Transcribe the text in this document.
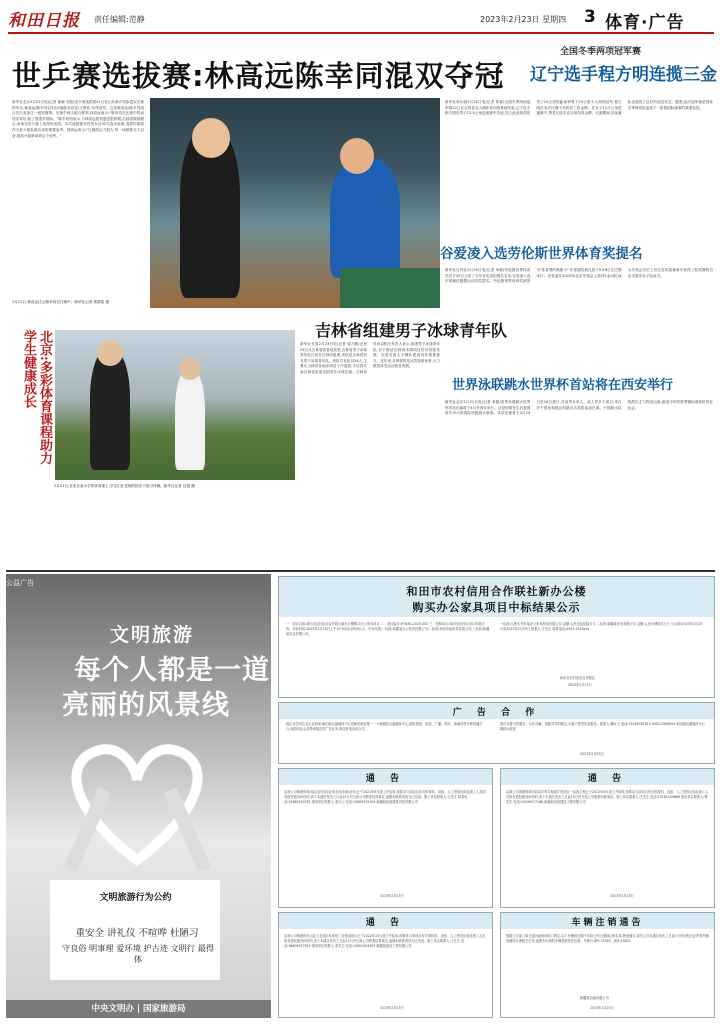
和田日报 责任编辑:范静	2023年2月23日 星期四 3 体育·广告
世乒赛选拔赛:林高远陈幸同混双夺冠
新华社北京2月21日电(记者 郁晓 刘智)世乒赛选拔赛21日在山东新乡结束混双决赛的争夺,林高远/陈幸同以3比0战胜刘诗雯/王楚钦,夺得冠军。这是林高远/陈幸同组合首次参加这一级别赛事。比赛中两人配合默契,林高远表示:"陈幸同在比赛中的表现非常好,给了我很多帮助。"陈幸同则表示,与林高远搭档感觉很舒服,后续将继续磨合,争取在世乒赛上取得好成绩。本次选拔赛共有男女各32名选手参赛,选拔结果将作为世乒赛参赛名单的重要参考。林高远表示:"比赛的压力很大,每一场都要全力以赴,很高兴能够拿到这个冠军。"
2月21日,林高远(左)/陈幸同在比赛中。新华社记者 郭绪雷 摄
全国冬季两项冠军赛
辽宁选手程方明连揽三金
新华社哈尔滨2月22日电(记者 郭睿)全国冬季两项冠军赛22日在吉林省北大湖体育训练基地结束,辽宁选手程方明在男子12.5公里追逐赛中夺冠,加上此前获得的男子10公里短距离和男子20公里个人两项冠军,程方明在本次比赛中共收获三枚金牌。在女子12.5公里追逐赛中,黑龙江选手孟凡琪夺得金牌。比赛期间,各参赛队伍展现了良好的竞技状态。据悉,此次冠军赛是国家冬季两项队备战下一阶段国际赛事的重要检验。
谷爱凌入选劳伦斯世界体育奖提名
新华社日内瓦2月20日电(记者 单磊)劳伦斯世界体育奖官方20日公布了今年各奖项的提名名单,谷爱凌入选年度最佳极限运动员奖提名。劳伦斯世界体育奖被誉为"体育界的奥斯卡",年度颁奖典礼将于5月8日在巴黎举行。谷爱凌在2022年北京冬奥会上获得2金1银,成为冬奥会历史上首位在单届赛事中获得三枚奖牌的自由式滑雪女子运动员。
世界泳联跳水世界杯首站将在西安举行
新华社北京2月21日电(记者 单磊)世界泳联跳水世界杯首站比赛将于4月在西安举行。这是疫情发生后我国首次举办的国际顶级跳水赛事。本站比赛将于4月14日至16日进行,共设男女单人、双人等多个项目,来自多个国家和地区的跳水名将将参加比赛。中国跳水队将派出主力阵容出战,备战今年的世界锦标赛和杭州亚运会。
吉林省组建男子冰球青年队
新华社长春2月23日电(记者 周万鹏)记者23日从吉林省体育局获悉,吉林省男子冰球青年队日前在吉林市组建,该队是吉林省首支男子冰球青年队。该队共有队员24人,主要从吉林省各地冰球苗子中选拔,今后将代表吉林省参加全国青年冰球比赛。吉林省体育局相关负责人表示,组建男子冰球青年队,对于推动吉林省冰球项目的可持续发展、完善后备人才梯队建设具有重要意义。近年来,吉林省依托冰雪资源优势,大力推进冰雪运动普及发展。
北京:多彩体育课程助力学生健康成长
2月21日,在北京某小学的体育课上,学生们在老师的指导下练习体操。新华社记者 任超 摄
公益广告
文明旅游
每个人都是一道
亮丽的风景线
文明旅游行为公约
重安全 讲礼仪 不喧哗 杜陋习
守良俗 明事理 爱环境 护古迹 文明行 最得体
中央文明办 | 国家旅游局
和田市农村信用合作联社新办公楼
购买办公家具项目中标结果公示
一、项目名称:和田市农村信用合作联社新办公楼购买办公家具项目 二、项目编号:HTNXS-2023-002 三、采购单位:和田市农村信用合作联社 四、开标时间:2023年2月20日上午10:30(北京时间) 五、中标结果:一标段:新疆某办公家具有限公司;二标段:和田市某家具有限公司;三标段:新疆某实业有限公司。
一标段:乌鲁木齐市某办公家具制造有限公司 金额:人民币伍拾陆万元 二标段:新疆某家具有限公司 金额:人民币肆拾贰万元 公示期:2023年2月23日至2023年2月25日 联系人:王先生 联系电话:0903-2516xxx
和田市农村信用合作联社
2023年2月23日
广 告 合 作
地区各类单位及企业商家:和田地区融媒体中心是和田地区唯一一个地级综合融媒体中心,拥有报纸、电视、广播、网站、新媒体等多种传播平台,现面向社会各界承接各类广告业务,欢迎来电洽谈合作。
我们本着为您服务、合作共赢、资源共享的理念,为客户提供优质服务。联系人:魏女士 电话:15199787813 0903-2908004 和田地区融媒体中心媒体运营部
2023年2月23日
通 告
由我公司承建的和田县农村信用社营业用房(新业务)已于2022年6月竣工并验收,现要求与该项目有关的材料、设备、人工等供应商及施工人员如有债权债务纠纷的,请于本通告发布之日起15日内与我公司联系结算事宜,逾期未联系者视为已结清。施工单位联系人:王先生 联系电话:15982559332 建设单位联系人:李女士 电话:15609332209 新疆和田某建筑安装有限公司
2023年2月23日
通 告
由我公司承建的和田县某乡村学校改扩建项目一标段工程已于2022年8月竣工并验收,现要求与该项目有关的材料、设备、人工等供应商及施工人员如有债权债务纠纷的,请于本通告发布之日起15日内与我公司联系结算事宜。施工单位联系人:王先生 电话:15161044866 建设单位联系人:曹先生 电话:15199277166 新疆和田某建设工程有限公司
2023年2月23日
通 告
由我公司承建的皮山县工业园区标准化厂房建设项目已于2022年10月竣工并验收,现要求与该项目有关的材料、设备、人工等供应商及施工人员如有债权债务纠纷的,请于本通告发布之日起15日内与我公司联系结算事宜,逾期未联系者视为已结清。施工单位联系人:王先生 电话:18609037553 建设单位联系人:李先生 电话:15001504353 新疆某建设工程有限公司
2023年2月23日
车辆注销通告
根据公安部门和交通运输管理部门规定,以下车辆因长期不年检已列入强制注销名单,特此通告,请车主在本通告发布之日起7日内持相关证件到车辆管理所办理相关手续,逾期未办理的车辆将被依法注销。车牌号:新R-37463、新R-31802
新疆某运输有限公司
2023年2月23日
